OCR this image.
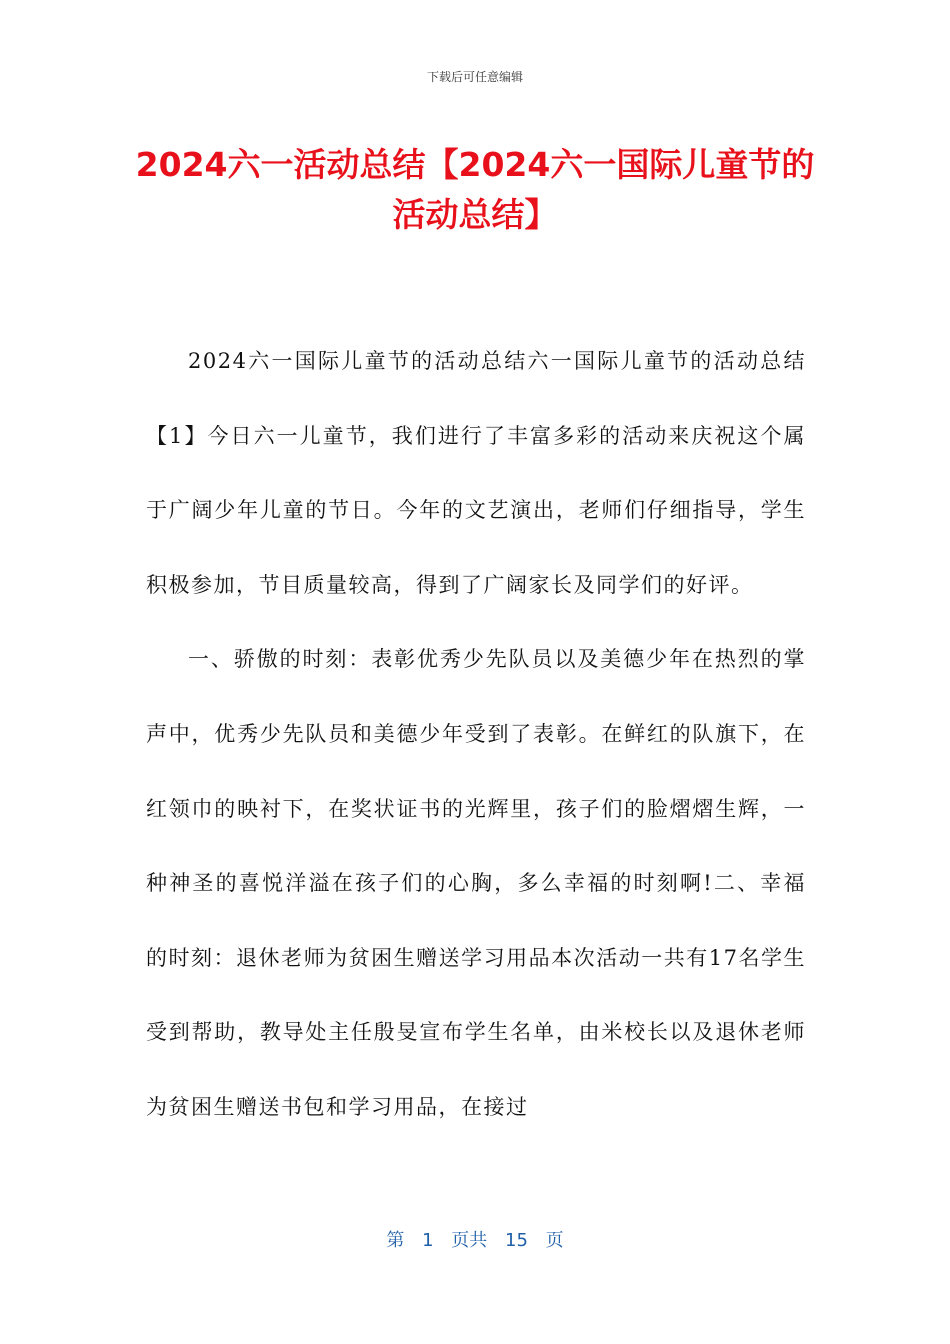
下载后可任意编辑
2024六一活动总结【2024六一国际儿童节的活动总结】

2024六一国际儿童节的活动总结六一国际儿童节的活动总结【1】今日六一儿童节，我们进行了丰富多彩的活动来庆祝这个属于广阔少年儿童的节日。今年的文艺演出，老师们仔细指导，学生积极参加，节目质量较高，得到了广阔家长及同学们的好评。

一、骄傲的时刻：表彰优秀少先队员以及美德少年在热烈的掌声中，优秀少先队员和美德少年受到了表彰。在鲜红的队旗下，在红领巾的映衬下，在奖状证书的光辉里，孩子们的脸熠熠生辉，一种神圣的喜悦洋溢在孩子们的心胸，多么幸福的时刻啊!二、幸福的时刻：退休老师为贫困生赠送学习用品本次活动一共有17名学生受到帮助，教导处主任殷旻宣布学生名单，由米校长以及退休老师为贫困生赠送书包和学习用品，在接过

第 1 页共 15 页
